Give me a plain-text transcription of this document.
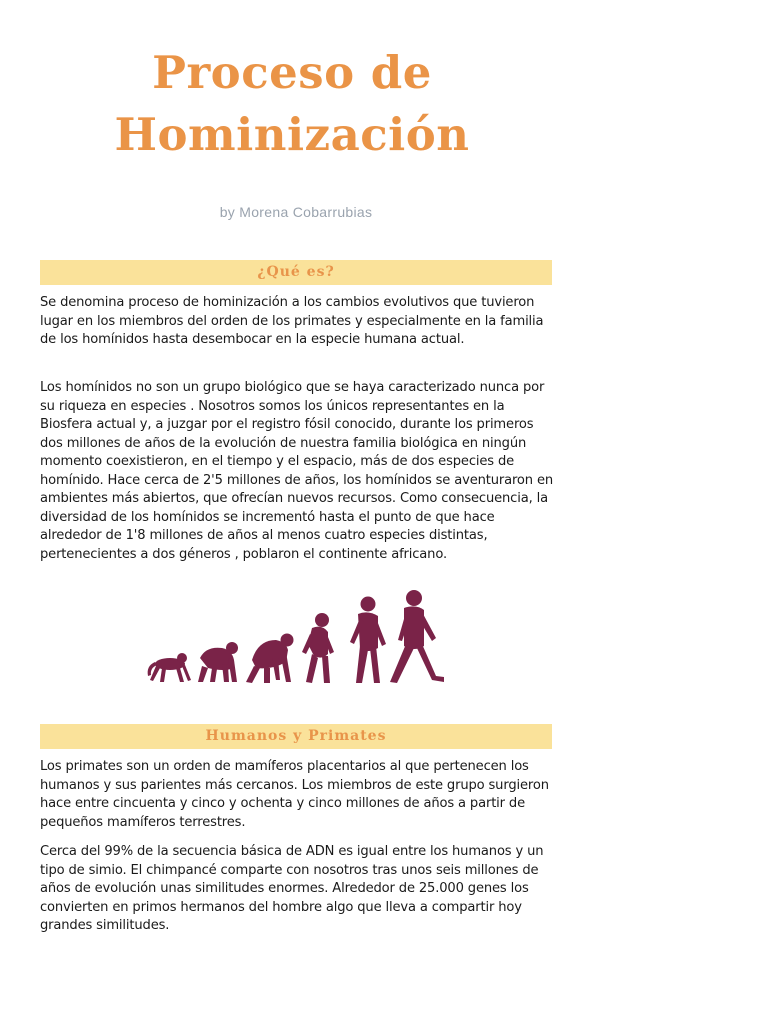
Proceso de
Hominización
by Morena Cobarrubias
¿Qué es?

Se denomina proceso de hominización a los cambios evolutivos que tuvieron lugar en los miembros del orden de los primates y especialmente en la familia de los homínidos hasta desembocar en la especie humana actual.

Los homínidos no son un grupo biológico que se haya caracterizado nunca por su riqueza en especies . Nosotros somos los únicos representantes en la Biosfera actual y, a juzgar por el registro fósil conocido, durante los primeros dos millones de años de la evolución de nuestra familia biológica en ningún momento coexistieron, en el tiempo y el espacio, más de dos especies de homínido. Hace cerca de 2'5 millones de años, los homínidos se aventuraron en ambientes más abiertos, que ofrecían nuevos recursos. Como consecuencia, la diversidad de los homínidos se incrementó hasta el punto de que hace alrededor de 1'8 millones de años al menos cuatro especies distintas, pertenecientes a dos géneros , poblaron el continente africano.

Humanos y Primates

Los primates son un orden de mamíferos placentarios al que pertenecen los humanos y sus parientes más cercanos. Los miembros de este grupo surgieron hace entre cincuenta y cinco y ochenta y cinco millones de años a partir de pequeños mamíferos terrestres.

Cerca del 99% de la secuencia básica de ADN es igual entre los humanos y un tipo de simio. El chimpancé comparte con nosotros tras unos seis millones de años de evolución unas similitudes enormes. Alrededor de 25.000 genes los convierten en primos hermanos del hombre algo que lleva a compartir hoy grandes similitudes.
